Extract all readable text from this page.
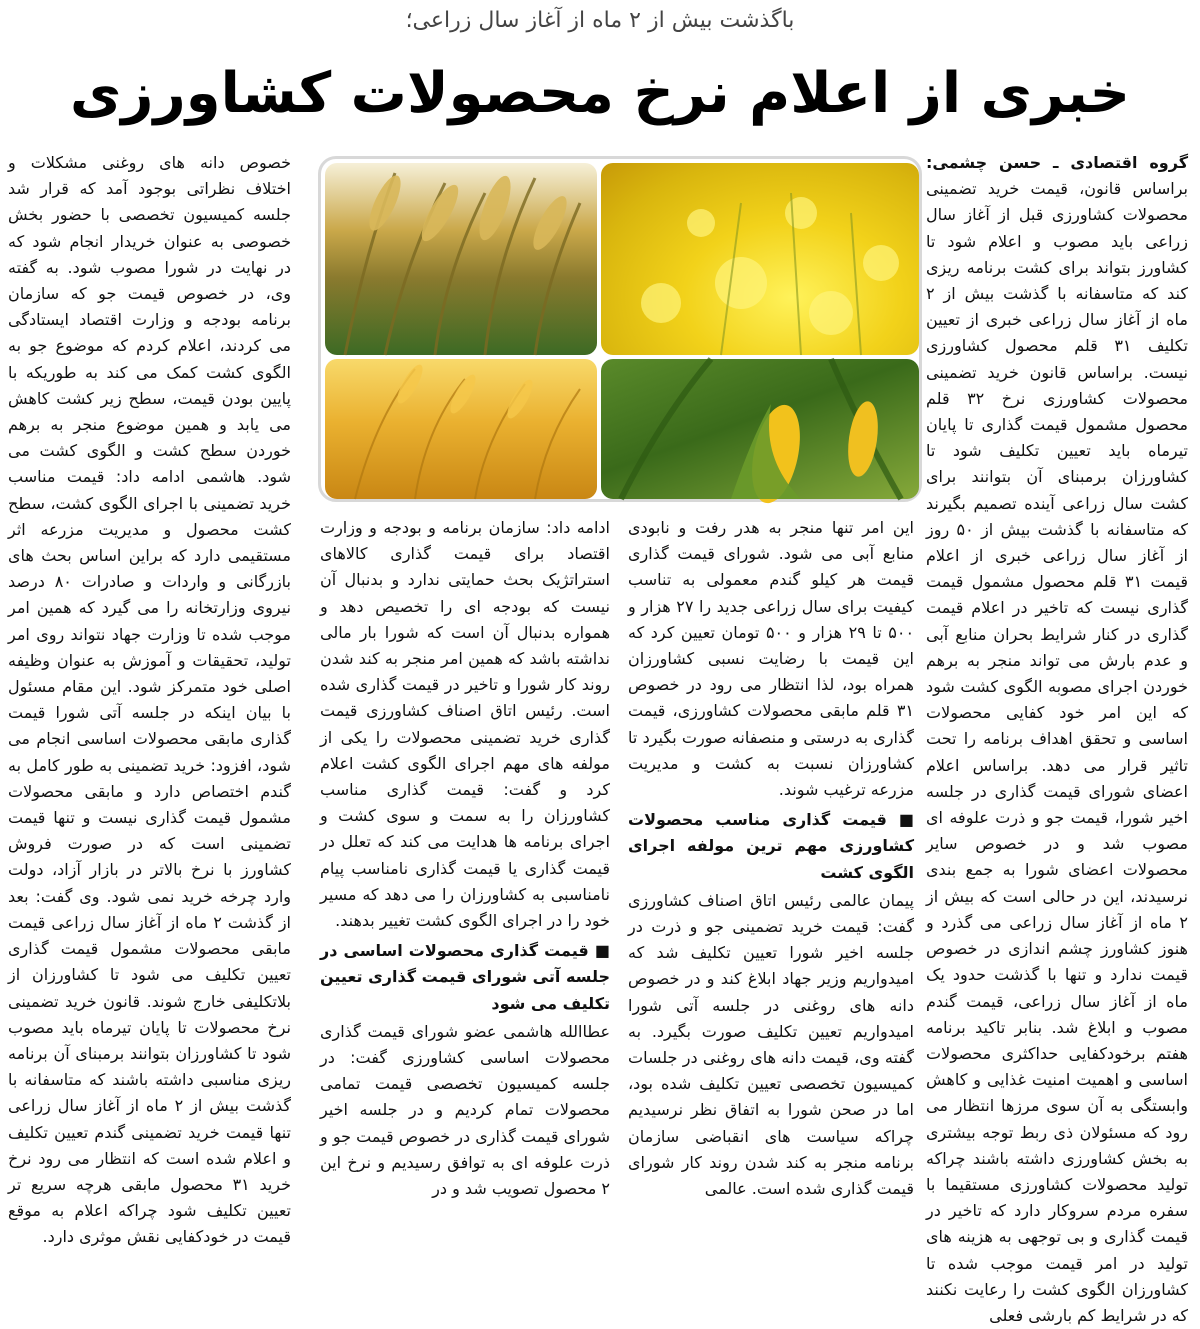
باگذشت بیش از ۲ ماه از آغاز سال زراعی؛
خبری از اعلام نرخ محصولات کشاورزی

گروه اقتصادی ـ حسن چشمی: براساس قانون، قیمت خرید تضمینی محصولات کشاورزی قبل از آغاز سال زراعی باید مصوب و اعلام شود تا کشاورز بتواند برای کشت برنامه ریزی کند که متاسفانه با گذشت بیش از ۲ ماه از آغاز سال زراعی خبری از تعیین تکلیف ۳۱ قلم محصول کشاورزی نیست. براساس قانون خرید تضمینی محصولات کشاورزی نرخ ۳۲ قلم محصول مشمول قیمت گذاری تا پایان تیرماه باید تعیین تکلیف شود تا کشاورزان برمبنای آن بتوانند برای کشت سال زراعی آینده تصمیم بگیرند که متاسفانه با گذشت بیش از ۵۰ روز از آغاز سال زراعی خبری از اعلام قیمت ۳۱ قلم محصول مشمول قیمت گذاری نیست که تاخیر در اعلام قیمت گذاری در کنار شرایط بحران منابع آبی و عدم بارش می تواند منجر به برهم خوردن اجرای مصوبه الگوی کشت شود که این امر خود کفایی محصولات اساسی و تحقق اهداف برنامه را تحت تاثیر قرار می دهد. براساس اعلام اعضای شورای قیمت گذاری در جلسه اخیر شورا، قیمت جو و ذرت علوفه ای مصوب شد و در خصوص سایر محصولات اعضای شورا به جمع بندی نرسیدند، این در حالی است که بیش از ۲ ماه از آغاز سال زراعی می گذرد و هنوز کشاورز چشم اندازی در خصوص قیمت ندارد و تنها با گذشت حدود یک ماه از آغاز سال زراعی، قیمت گندم مصوب و ابلاغ شد. بنابر تاکید برنامه هفتم برخودکفایی حداکثری محصولات اساسی و اهمیت امنیت غذایی و کاهش وابستگی به آن سوی مرزها انتظار می رود که مسئولان ذی ربط توجه بیشتری به بخش کشاورزی داشته باشند چراکه تولید محصولات کشاورزی مستقیما با سفره مردم سروکار دارد که تاخیر در قیمت گذاری و بی توجهی به هزینه های تولید در امر قیمت موجب شده تا کشاورزان الگوی کشت را رعایت نکنند که در شرایط کم بارشی فعلی

این امر تنها منجر به هدر رفت و نابودی منابع آبی می شود. شورای قیمت گذاری قیمت هر کیلو گندم معمولی به تناسب کیفیت برای سال زراعی جدید را ۲۷ هزار و ۵۰۰ تا ۲۹ هزار و ۵۰۰ تومان تعیین کرد که این قیمت با رضایت نسبی کشاورزان همراه بود، لذا انتظار می رود در خصوص ۳۱ قلم مابقی محصولات کشاورزی، قیمت گذاری به درستی و منصفانه صورت بگیرد تا کشاورزان نسبت به کشت و مدیریت مزرعه ترغیب شوند.

■ قیمت گذاری مناسب محصولات کشاورزی مهم ترین مولفه اجرای الگوی کشت

پیمان عالمی رئیس اتاق اصناف کشاورزی گفت: قیمت خرید تضمینی جو و ذرت در جلسه اخیر شورا تعیین تکلیف شد که امیدواریم وزیر جهاد ابلاغ کند و در خصوص دانه های روغنی در جلسه آتی شورا امیدواریم تعیین تکلیف صورت بگیرد. به گفته وی، قیمت دانه های روغنی در جلسات کمیسیون تخصصی تعیین تکلیف شده بود، اما در صحن شورا به اتفاق نظر نرسیدیم چراکه سیاست های انقباضی سازمان برنامه منجر به کند شدن روند کار شورای قیمت گذاری شده است. عالمی

ادامه داد: سازمان برنامه و بودجه و وزارت اقتصاد برای قیمت گذاری کالاهای استراتژیک بحث حمایتی ندارد و بدنبال آن نیست که بودجه ای را تخصیص دهد و همواره بدنبال آن است که شورا بار مالی نداشته باشد که همین امر منجر به کند شدن روند کار شورا و تاخیر در قیمت گذاری شده است. رئیس اتاق اصناف کشاورزی قیمت گذاری خرید تضمینی محصولات را یکی از مولفه های مهم اجرای الگوی کشت اعلام کرد و گفت: قیمت گذاری مناسب کشاورزان را به سمت و سوی کشت و اجرای برنامه ها هدایت می کند که تعلل در قیمت گذاری یا قیمت گذاری نامناسب پیام نامناسبی به کشاورزان را می دهد که مسیر خود را در اجرای الگوی کشت تغییر بدهند.

■ قیمت گذاری محصولات اساسی در جلسه آتی شورای قیمت گذاری تعیین تکلیف می شود

عطاالله هاشمی عضو شورای قیمت گذاری محصولات اساسی کشاورزی گفت: در جلسه کمیسیون تخصصی قیمت تمامی محصولات تمام کردیم و در جلسه اخیر شورای قیمت گذاری در خصوص قیمت جو و ذرت علوفه ای به توافق رسیدیم و نرخ این ۲ محصول تصویب شد و در

خصوص دانه های روغنی مشکلات و اختلاف نظراتی بوجود آمد که قرار شد جلسه کمیسیون تخصصی با حضور بخش خصوصی به عنوان خریدار انجام شود که در نهایت در شورا مصوب شود. به گفته وی، در خصوص قیمت جو که سازمان برنامه بودجه و وزارت اقتصاد ایستادگی می کردند، اعلام کردم که موضوع جو به الگوی کشت کمک می کند به طوریکه با پایین بودن قیمت، سطح زیر کشت کاهش می یابد و همین موضوع منجر به برهم خوردن سطح کشت و الگوی کشت می شود. هاشمی ادامه داد: قیمت مناسب خرید تضمینی با اجرای الگوی کشت، سطح کشت محصول و مدیریت مزرعه اثر مستقیمی دارد که براین اساس بحث های بازرگانی و واردات و صادرات ۸۰ درصد نیروی وزارتخانه را می گیرد که همین امر موجب شده تا وزارت جهاد نتواند روی امر تولید، تحقیقات و آموزش به عنوان وظیفه اصلی خود متمرکز شود. این مقام مسئول با بیان اینکه در جلسه آتی شورا قیمت گذاری مابقی محصولات اساسی انجام می شود، افزود: خرید تضمینی به طور کامل به گندم اختصاص دارد و مابقی محصولات مشمول قیمت گذاری نیست و تنها قیمت تضمینی است که در صورت فروش کشاورز با نرخ بالاتر در بازار آزاد، دولت وارد چرخه خرید نمی شود. وی گفت: بعد از گذشت ۲ ماه از آغاز سال زراعی قیمت مابقی محصولات مشمول قیمت گذاری تعیین تکلیف می شود تا کشاورزان از بلاتکلیفی خارج شوند. قانون خرید تضمینی نرخ محصولات تا پایان تیرماه باید مصوب شود تا کشاورزان بتوانند برمبنای آن برنامه ریزی مناسبی داشته باشند که متاسفانه با گذشت بیش از ۲ ماه از آغاز سال زراعی تنها قیمت خرید تضمینی گندم تعیین تکلیف و اعلام شده است که انتظار می رود نرخ خرید ۳۱ محصول مابقی هرچه سریع تر تعیین تکلیف شود چراکه اعلام به موقع قیمت در خودکفایی نقش موثری دارد.
